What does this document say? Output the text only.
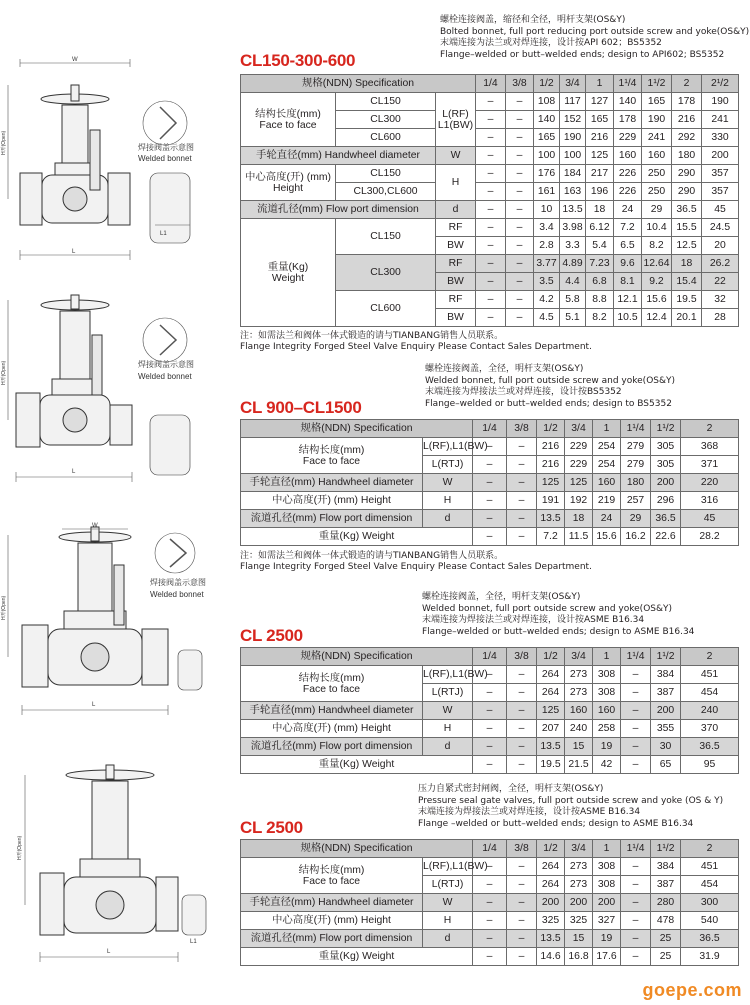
W
L
H开(Open)
L1
焊接阀盖示意图
Welded bonnet
L
H开(Open)	焊接阀盖示意图
Welded bonnet
W
L
H开(Open)
焊接阀盖示意图
Welded bonnet
L
L1
H开(Open)
螺栓连接阀盖，缩径和全径，明杆支架(OS&Y)
Bolted bonnet, full port reducing port outside screw and yoke(OS&Y)
末端连接为法兰或对焊连接，设计按API 602；BS5352
Flange–welded or butt–welded ends; design to API602; BS5352
CL150-300-600
规格(NDN) Specification			1/4	3/8	1/2	3/4	1	1¹/4	1¹/2	2	2¹/2
结构长度(mm)
Face to face	CL150	L(RF)
L1(BW)	–	–	108	117	127	140	165	178	190
	CL300		–	–	140	152	165	178	190	216	241
	CL600		–	–	165	190	216	229	241	292	330
手轮直径(mm) Handwheel diameter		W	–	–	100	100	125	160	160	180	200
中心高度(开) (mm)
Height	CL150	H	–	–	176	184	217	226	250	290	357
	CL300,CL600		–	–	161	163	196	226	250	290	357
流道孔径(mm) Flow port dimension		d	–	–	10	13.5	18	24	29	36.5	45
重量(Kg)
Weight	CL150	RF	–	–	3.4	3.98	6.12	7.2	10.4	15.5	24.5
		BW	–	–	2.8	3.3	5.4	6.5	8.2	12.5	20
	CL300	RF	–	–	3.77	4.89	7.23	9.6	12.64	18	26.2
		BW	–	–	3.5	4.4	6.8	8.1	9.2	15.4	22
	CL600	RF	–	–	4.2	5.8	8.8	12.1	15.6	19.5	32
		BW	–	–	4.5	5.1	8.2	10.5	12.4	20.1	28
注：如需法兰和阀体一体式锻造的请与TIANBANG销售人员联系。
Flange Integrity Forged Steel Valve Enquiry Please Contact Sales Department.
螺栓连接阀盖，全径，明杆支架(OS&Y)
Welded bonnet, full port outside screw and yoke(OS&Y)
末端连接为焊接法兰或对焊连接，设计按BS5352
Flange–welded or butt–welded ends; design to BS5352
CL 900–CL1500
规格(NDN) Specification		1/4	3/8	1/2	3/4	1	1¹/4	1¹/2	2
结构长度(mm)
Face to face	L(RF),L1(BW)	–	–	216	229	254	279	305	368
	L(RTJ)	–	–	216	229	254	279	305	371
手轮直径(mm) Handwheel diameter	W	–	–	125	125	160	180	200	220
中心高度(开) (mm) Height	H	–	–	191	192	219	257	296	316
流道孔径(mm) Flow port dimension	d	–	–	13.5	18	24	29	36.5	45
重量(Kg) Weight		–	–	7.2	11.5	15.6	16.2	22.6	28.2
注：如需法兰和阀体一体式锻造的请与TIANBANG销售人员联系。
Flange Integrity Forged Steel Valve Enquiry Please Contact Sales Department.
螺栓连接阀盖，全径，明杆支架(OS&Y)
Welded bonnet, full port outside screw and yoke(OS&Y)
末端连接为焊接法兰或对焊连接，设计按ASME B16.34
Flange–welded or butt–welded ends; design to ASME B16.34
CL 2500
规格(NDN) Specification		1/4	3/8	1/2	3/4	1	1¹/4	1¹/2	2
结构长度(mm)
Face to face	L(RF),L1(BW)	–	–	264	273	308	–	384	451
	L(RTJ)	–	–	264	273	308	–	387	454
手轮直径(mm) Handwheel diameter	W	–	–	125	160	160	–	200	240
中心高度(开) (mm) Height	H	–	–	207	240	258	–	355	370
流道孔径(mm) Flow port dimension	d	–	–	13.5	15	19	–	30	36.5
重量(Kg) Weight		–	–	19.5	21.5	42	–	65	95
压力自紧式密封闸阀，全径，明杆支架(OS&Y)
Pressure seal gate valves, full port outside screw and yoke (OS & Y)
末端连接为焊接法兰或对焊连接，设计按ASME B16.34
Flange –welded or butt–welded ends; design to ASME B16.34
CL 2500
规格(NDN) Specification		1/4	3/8	1/2	3/4	1	1¹/4	1¹/2	2
结构长度(mm)
Face to face	L(RF),L1(BW)	–	–	264	273	308	–	384	451
	L(RTJ)	–	–	264	273	308	–	387	454
手轮直径(mm) Handwheel diameter	W	–	–	200	200	200	–	280	300
中心高度(开) (mm) Height	H	–	–	325	325	327	–	478	540
流道孔径(mm) Flow port dimension	d	–	–	13.5	15	19	–	25	36.5
重量(Kg) Weight		–	–	14.6	16.8	17.6	–	25	31.9
goepe.com
